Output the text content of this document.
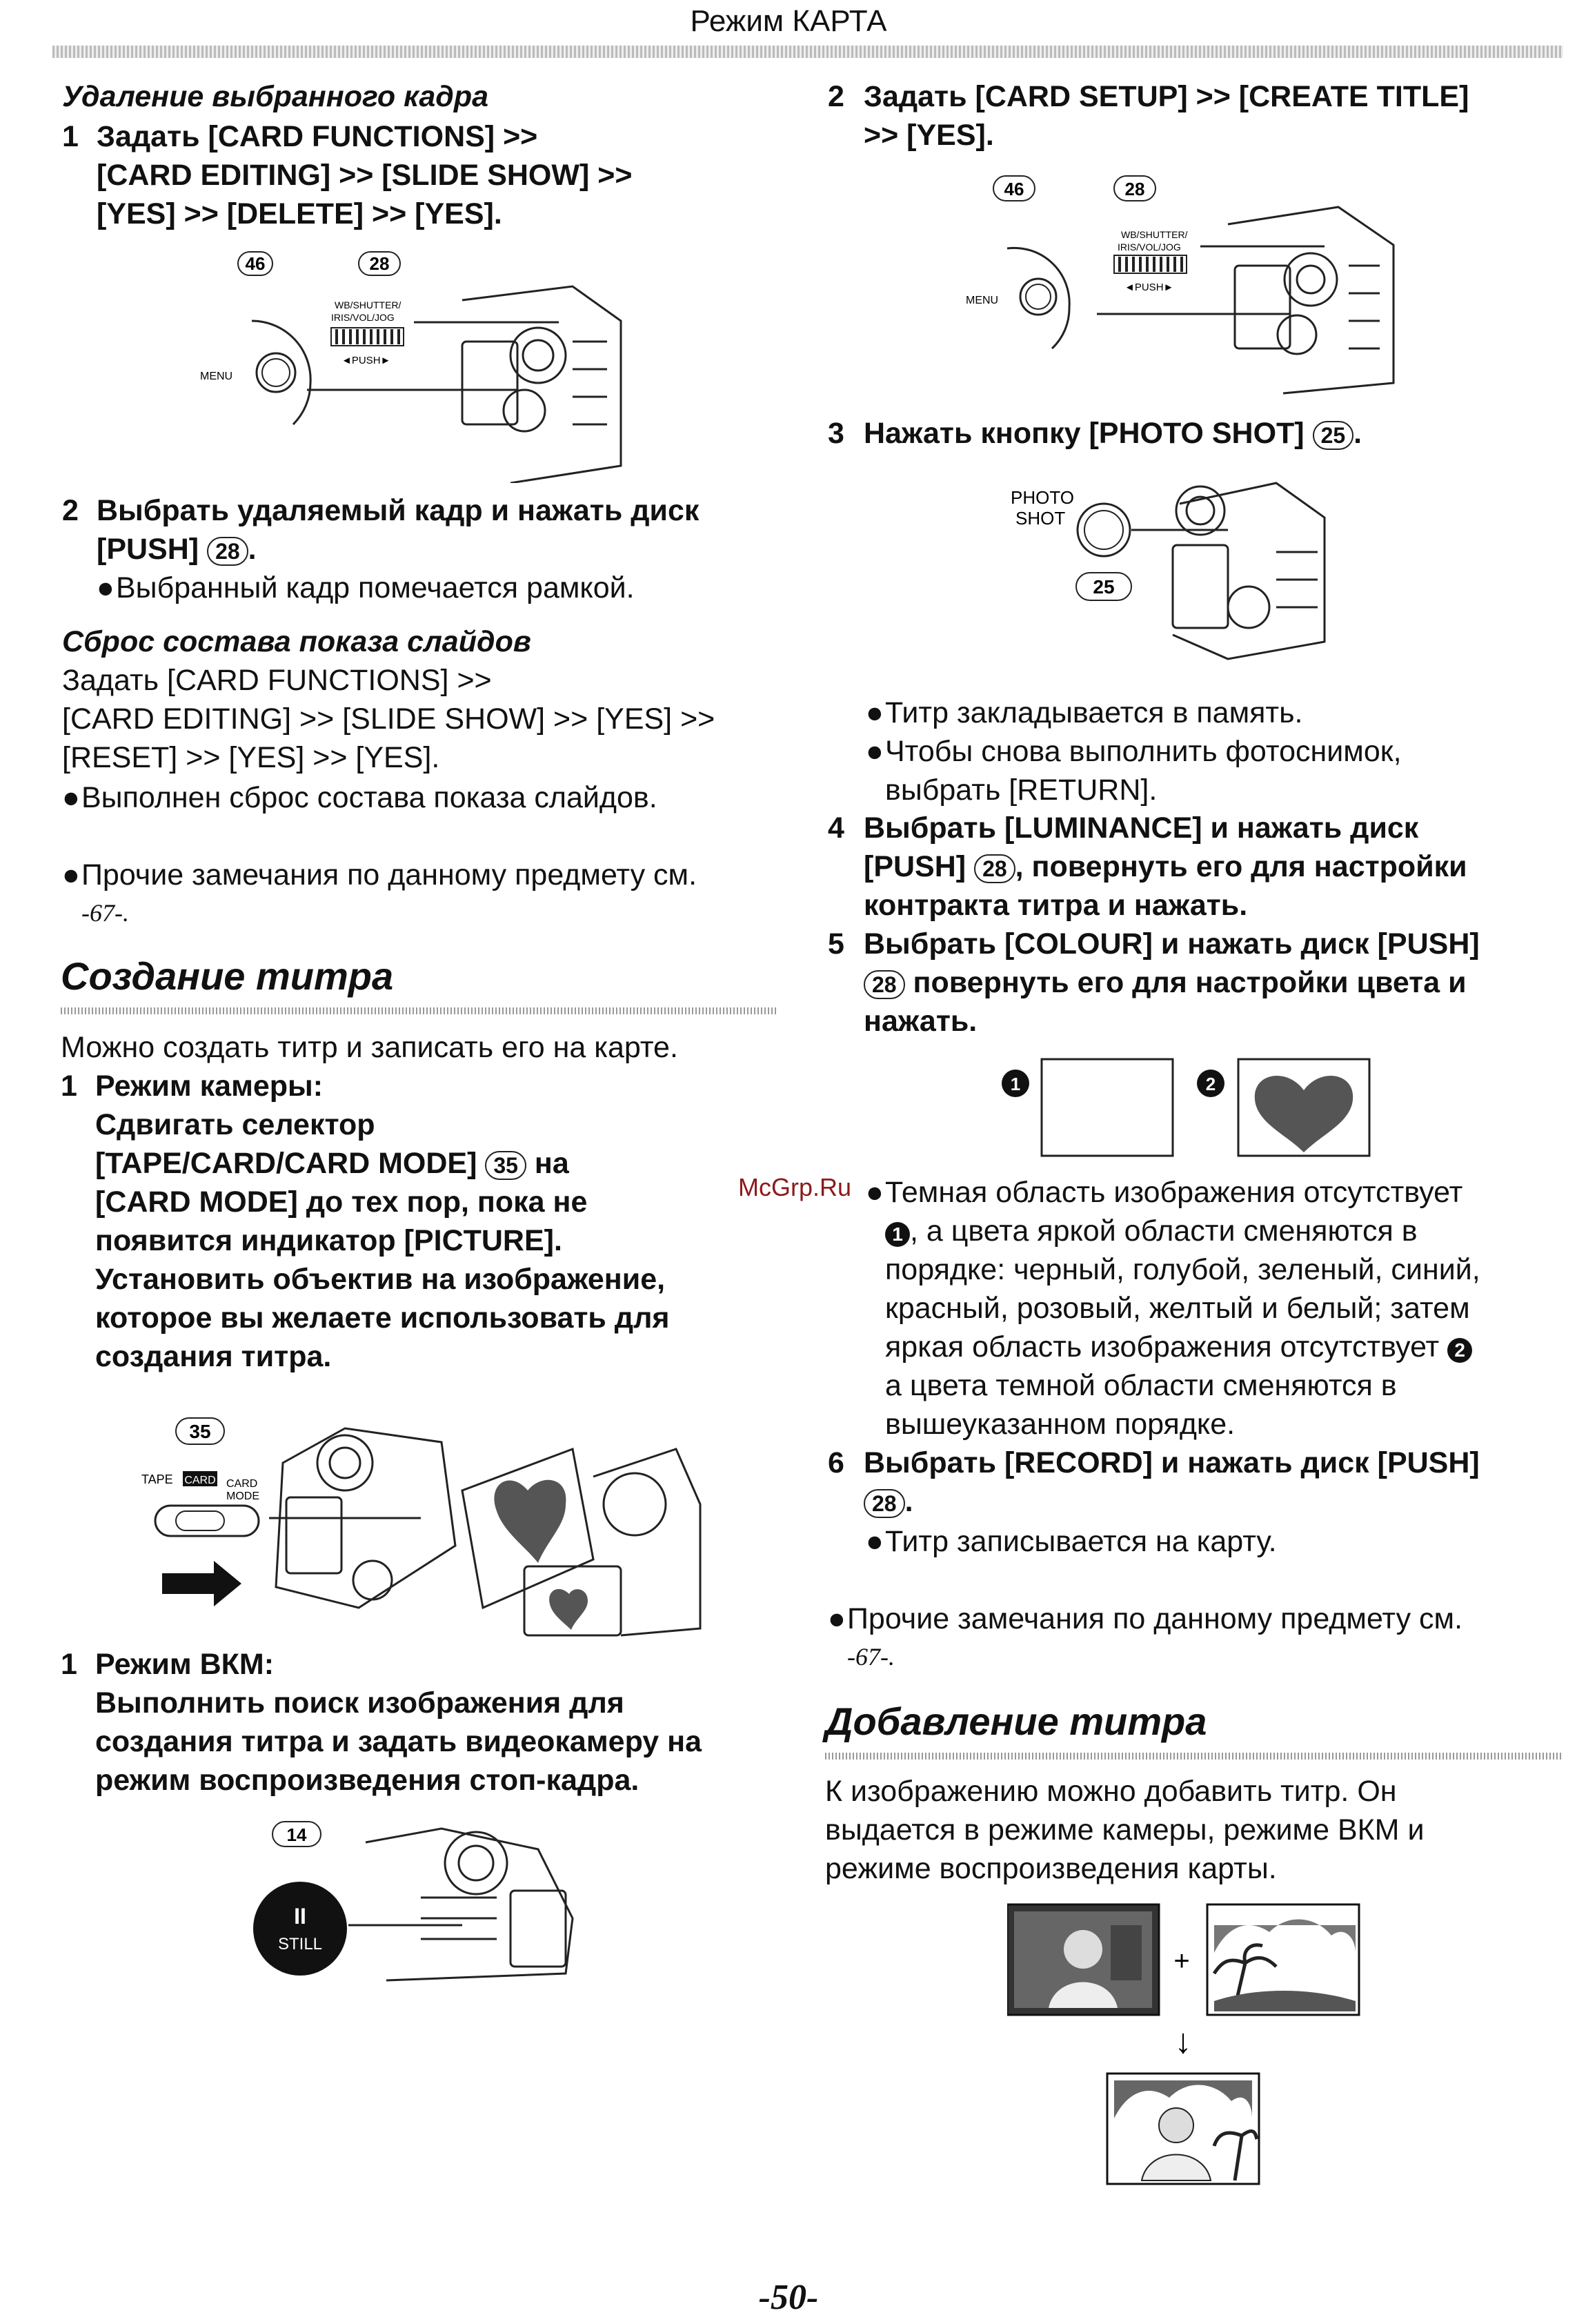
Режим КАРТА
Удаление выбранного кадра
1 Задать [CARD FUNCTIONS] >>
[CARD EDITING] >> [SLIDE SHOW] >>
[YES] >> [DELETE] >> [YES].
46	28
MENU
WB/SHUTTER/
IRIS/VOL/JOG
◄PUSH►
2 Выбрать удаляемый кадр и нажать диск
[PUSH] 28 .
●Выбранный кадр помечается рамкой.
Сброс состава показа слайдов
Задать [CARD FUNCTIONS] >>
[CARD EDITING] >> [SLIDE SHOW] >> [YES] >>
[RESET] >> [YES] >> [YES].
●Выполнен сброс состава показа слайдов.
●Прочие замечания по данному предмету см.
-67-.
Создание титра
Можно создать титр и записать его на карте.
1 Режим камеры:
Сдвигать селектор
[TAPE/CARD/CARD MODE] 35 на
[CARD MODE] до тех пор, пока не
появится индикатор [PICTURE].
Установить объектив на изображение,
которое вы желаете использовать для
создания титра.
35
TAPE CARD CARD
MODE
1 Режим ВКМ:
Выполнить поиск изображения для
создания титра и задать видеокамеру на
режим воспроизведения стоп-кадра.
14
II
STILL
2 Задать [CARD SETUP] >> [CREATE TITLE]
>> [YES].
46	28
MENU
WB/SHUTTER/
IRIS/VOL/JOG
◄PUSH►
3 Нажать кнопку [PHOTO SHOT] 25 .
PHOTO
SHOT
25
●Титр закладывается в память.
●Чтобы снова выполнить фотоснимок,
выбрать [RETURN].
4 Выбрать [LUMINANCE] и нажать диск
[PUSH] 28 , повернуть его для настройки
контракта титра и нажать.
5 Выбрать [COLOUR] и нажать диск [PUSH]
28 повернуть его для настройки цвета и
нажать.
1	2
McGrp.Ru ●Темная область изображения отсутствует
1 , а цвета яркой области сменяются в
порядке: черный, голубой, зеленый, синий,
красный, розовый, желтый и белый; затем
яркая область изображения отсутствует 2
а цвета темной области сменяются в
вышеуказанном порядке.
6 Выбрать [RECORD] и нажать диск [PUSH]
28 .
●Титр записывается на карту.
●Прочие замечания по данному предмету см.
-67-.
Добавление титра
К изображению можно добавить титр. Он
выдается в режиме камеры, режиме ВКМ и
режиме воспроизведения карты.
+
↓
-50-
